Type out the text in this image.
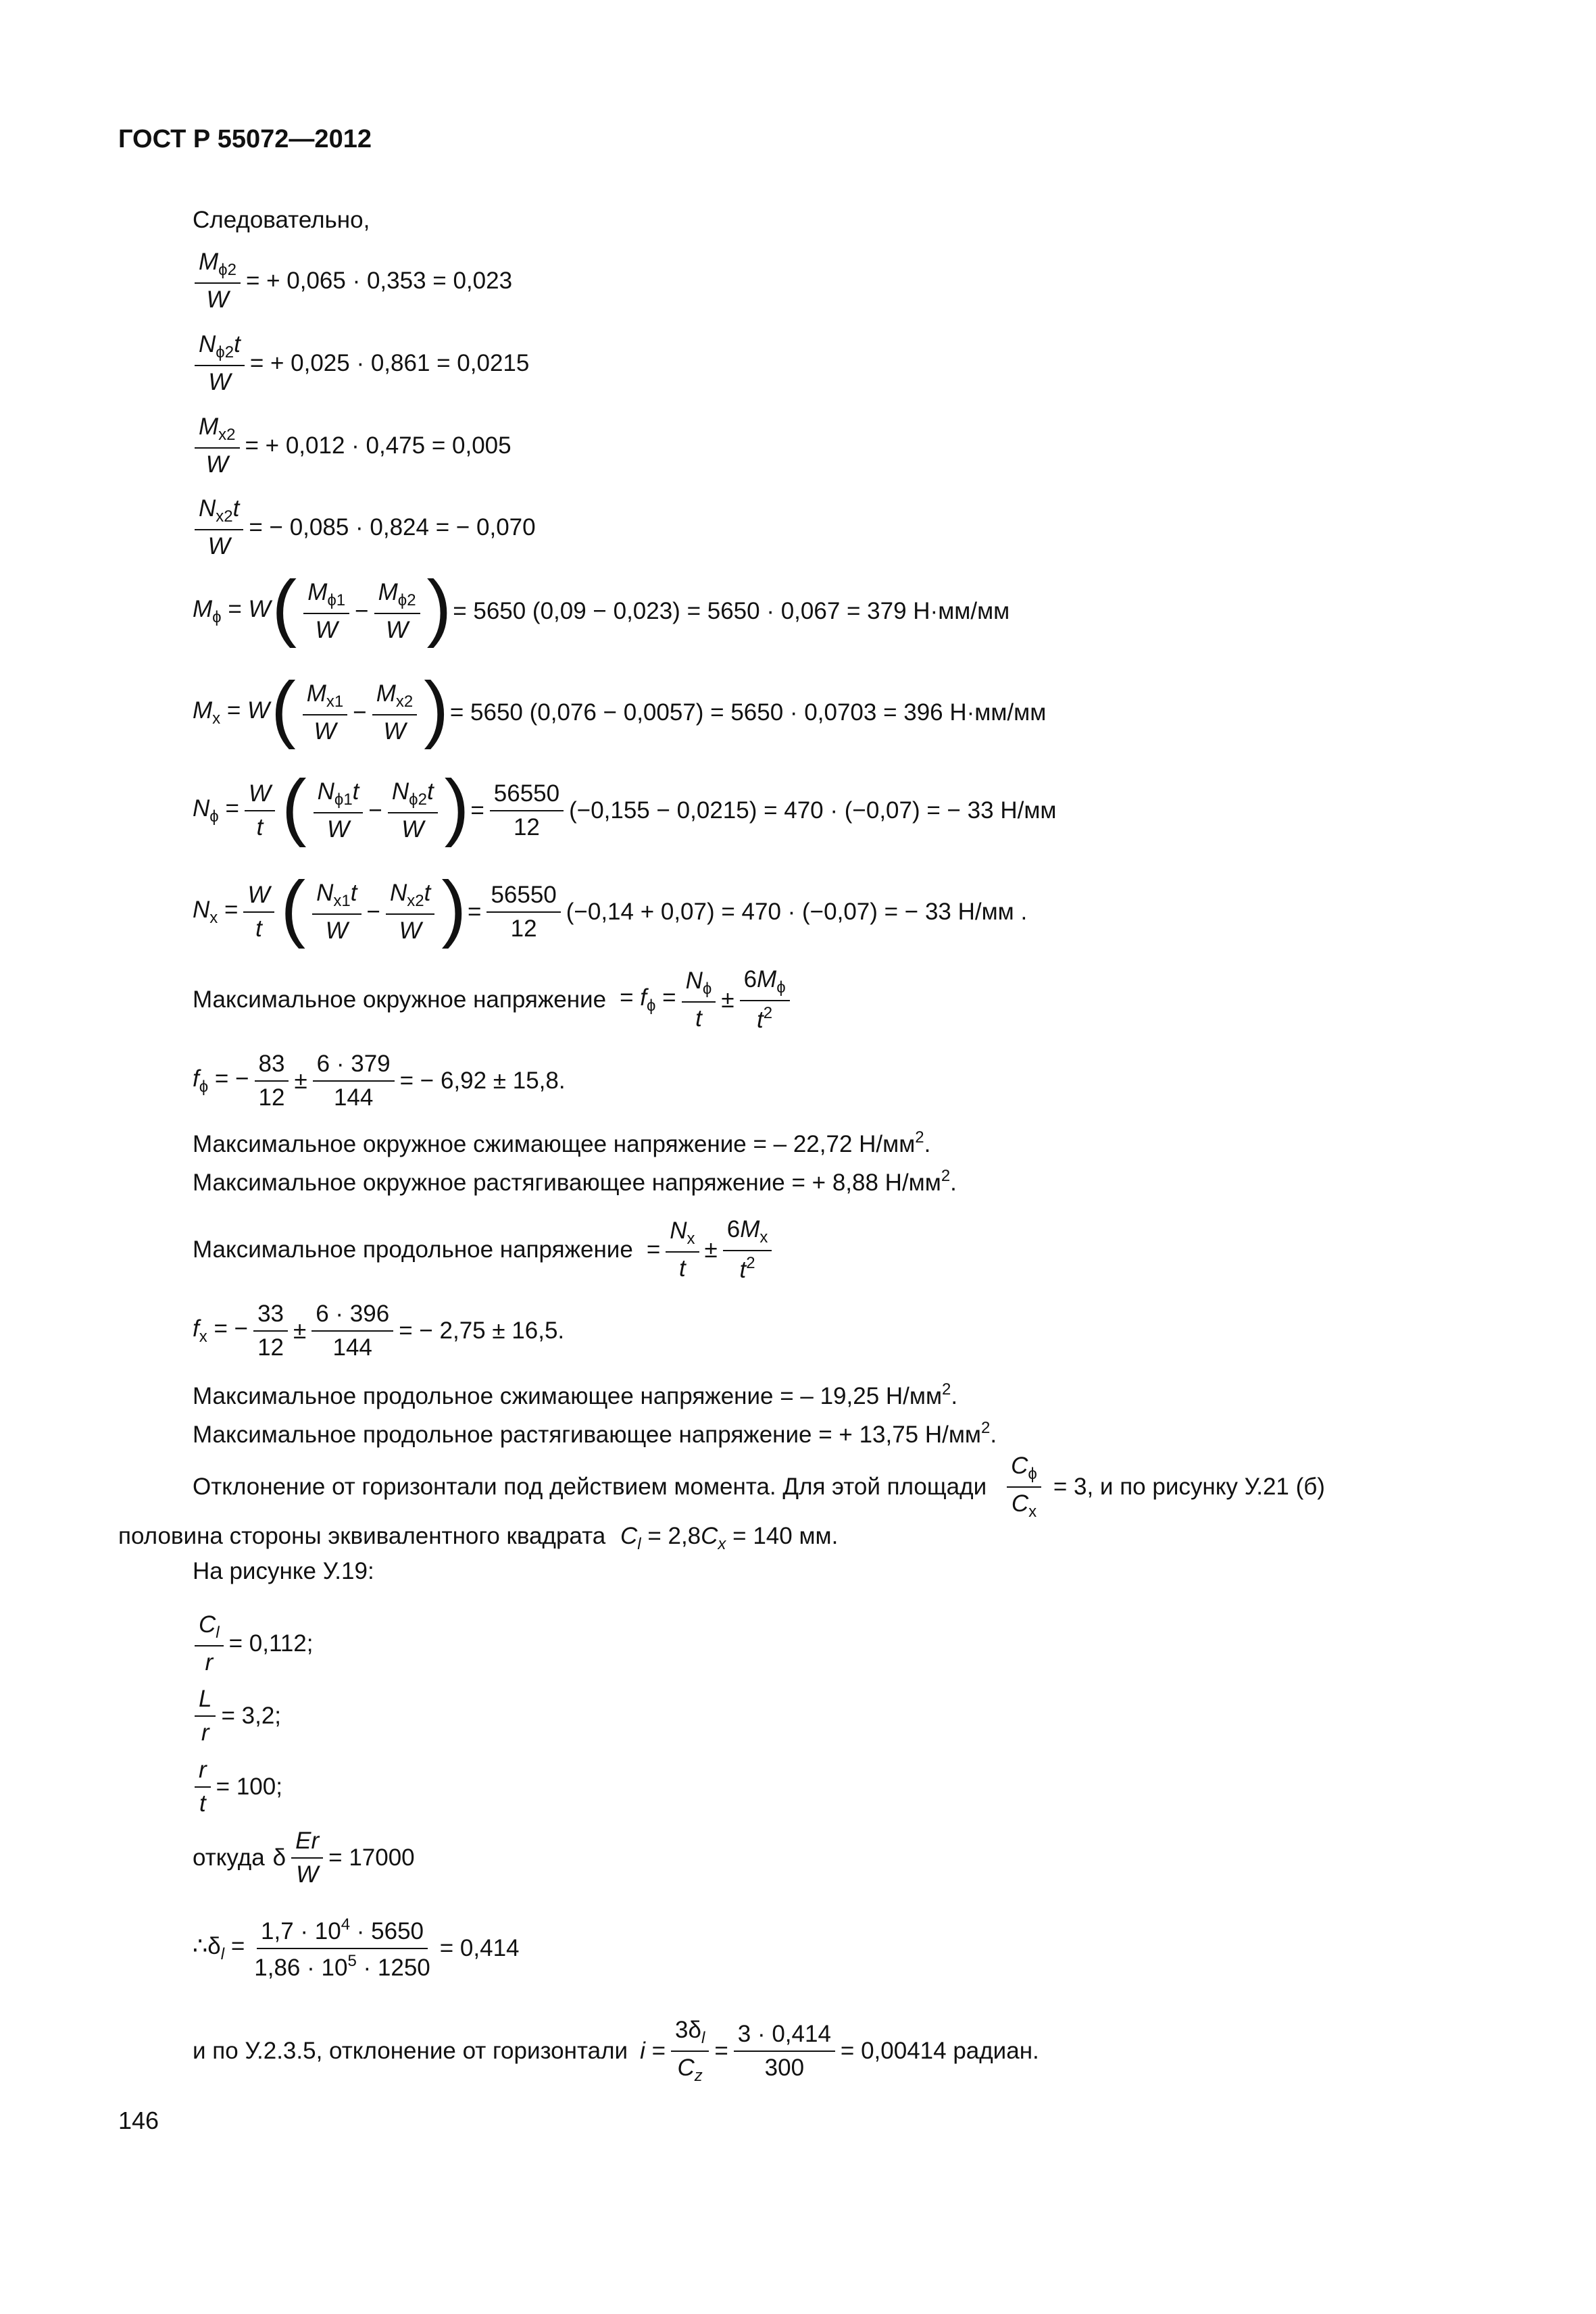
ГОСТ Р 55072—2012
Следовательно,
$\frac{M_{\phi 2}}{W}$ = + 0,065 · 0,353 = 0,023
$\frac{N_{\phi 2}t}{W}$ = + 0,025 · 0,861 = 0,0215
$\frac{M_{x2}}{W}$ = + 0,012 · 0,475 = 0,005
$\frac{N_{x2}t}{W}$ = − 0,085 · 0,824 = − 0,070
$M_\phi = W$ ( $\frac{M_{\phi 1}}{W} - \frac{M_{\phi 2}}{W}$ ) = 5650 (0,09 − 0,023) = 5650 · 0,067 = 379 Н·мм/мм
$M_x = W$ ( $\frac{M_{x1}}{W} - \frac{M_{x2}}{W}$ ) = 5650 (0,076 − 0,0057) = 5650 · 0,0703 = 396 Н·мм/мм
$N_\phi = \frac{W}{t}$ ( $\frac{N_{\phi 1}t}{W} - \frac{N_{\phi 2}t}{W}$ ) = $\frac{56550}{12} (-0,155 - 0,0215) = 470 \cdot (-0,07)$ = − 33 Н/мм
$N_x = \frac{W}{t}$ ( $\frac{N_{x1}t}{W} - \frac{N_{x2}t}{W}$ ) = $\frac{56550}{12} (-0,14 + 0,07) = 470 \cdot (-0,07)$ = − 33 Н/мм .
Максимальное окружное напряжение = $f_\phi = \frac{N_\phi}{t} \pm \frac{6M_\phi}{t^2}$
$f_\phi$ = − $\frac{83}{12} \pm \frac{6 \cdot 379}{144}$ = − 6,92 ± 15,8.
Максимальное окружное сжимающее напряжение = – 22,72 $Н/мм^2$.
Максимальное окружное растягивающее напряжение = + 8,88 $Н/мм^2$.
Максимальное продольное напряжение = $\frac{N_x}{t} \pm \frac{6M_x}{t^2}$
$f_x$ = − $\frac{33}{12} \pm \frac{6 \cdot 396}{144}$ = − 2,75 ± 16,5.
Максимальное продольное сжимающее напряжение = – 19,25 $Н/мм^2$.
Максимальное продольное растягивающее напряжение = + 13,75 $Н/мм^2$.
Отклонение от горизонтали под действием момента. Для этой площади $\frac{C_\phi}{C_x} = 3$, и по рисунку У.21 (б)
половина стороны эквивалентного квадрата $C_l = 2,8C_x = 140$ мм.
На рисунке У.19:
$\frac{C_l}{r} = 0,112$;
$\frac{L}{r} = 3,2$;
$\frac{r}{t} = 100$;
откуда δ $\frac{Er}{W} = 17000$
$\therefore\delta_l = \frac{1,7 \cdot 10^4 \cdot 5650}{1,86 \cdot 10^5 \cdot 1250} = 0,414$
и по У.2.3.5, отклонение от горизонтали $i = \frac{3\delta_l}{C_z} = \frac{3 \cdot 0,414}{300} = 0,00414$ радиан.
146
